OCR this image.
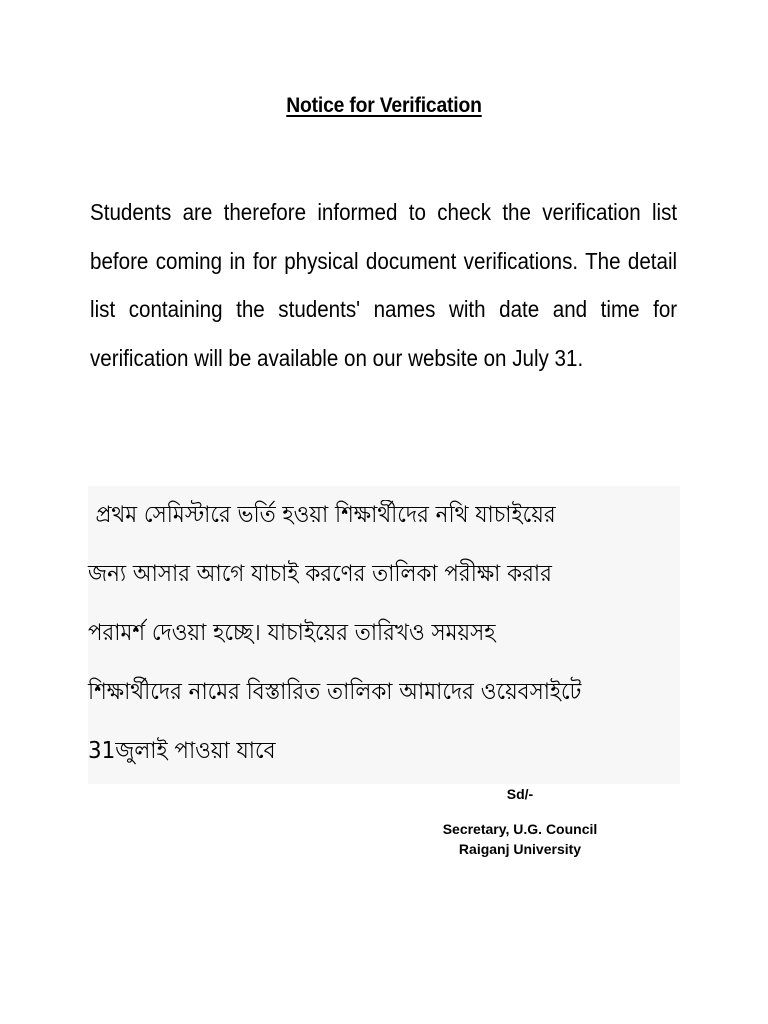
Notice for Verification

Students are therefore informed to check the verification list before coming in for physical document verifications. The detail list containing the students' names with date and time for verification will be available on our website on July 31.

প্রথম সেমিস্টারে ভর্তি হওয়া শিক্ষার্থীদের নথি যাচাইয়ের
জন্য আসার আগে যাচাই করণের তালিকা পরীক্ষা করার
পরামর্শ দেওয়া হচ্ছে। যাচাইয়ের তারিখও সময়সহ
শিক্ষার্থীদের নামের বিস্তারিত তালিকা আমাদের ওয়েবসাইটে
31জুলাই পাওয়া যাবে
Sd/-
Secretary, U.G. Council
Raiganj University
